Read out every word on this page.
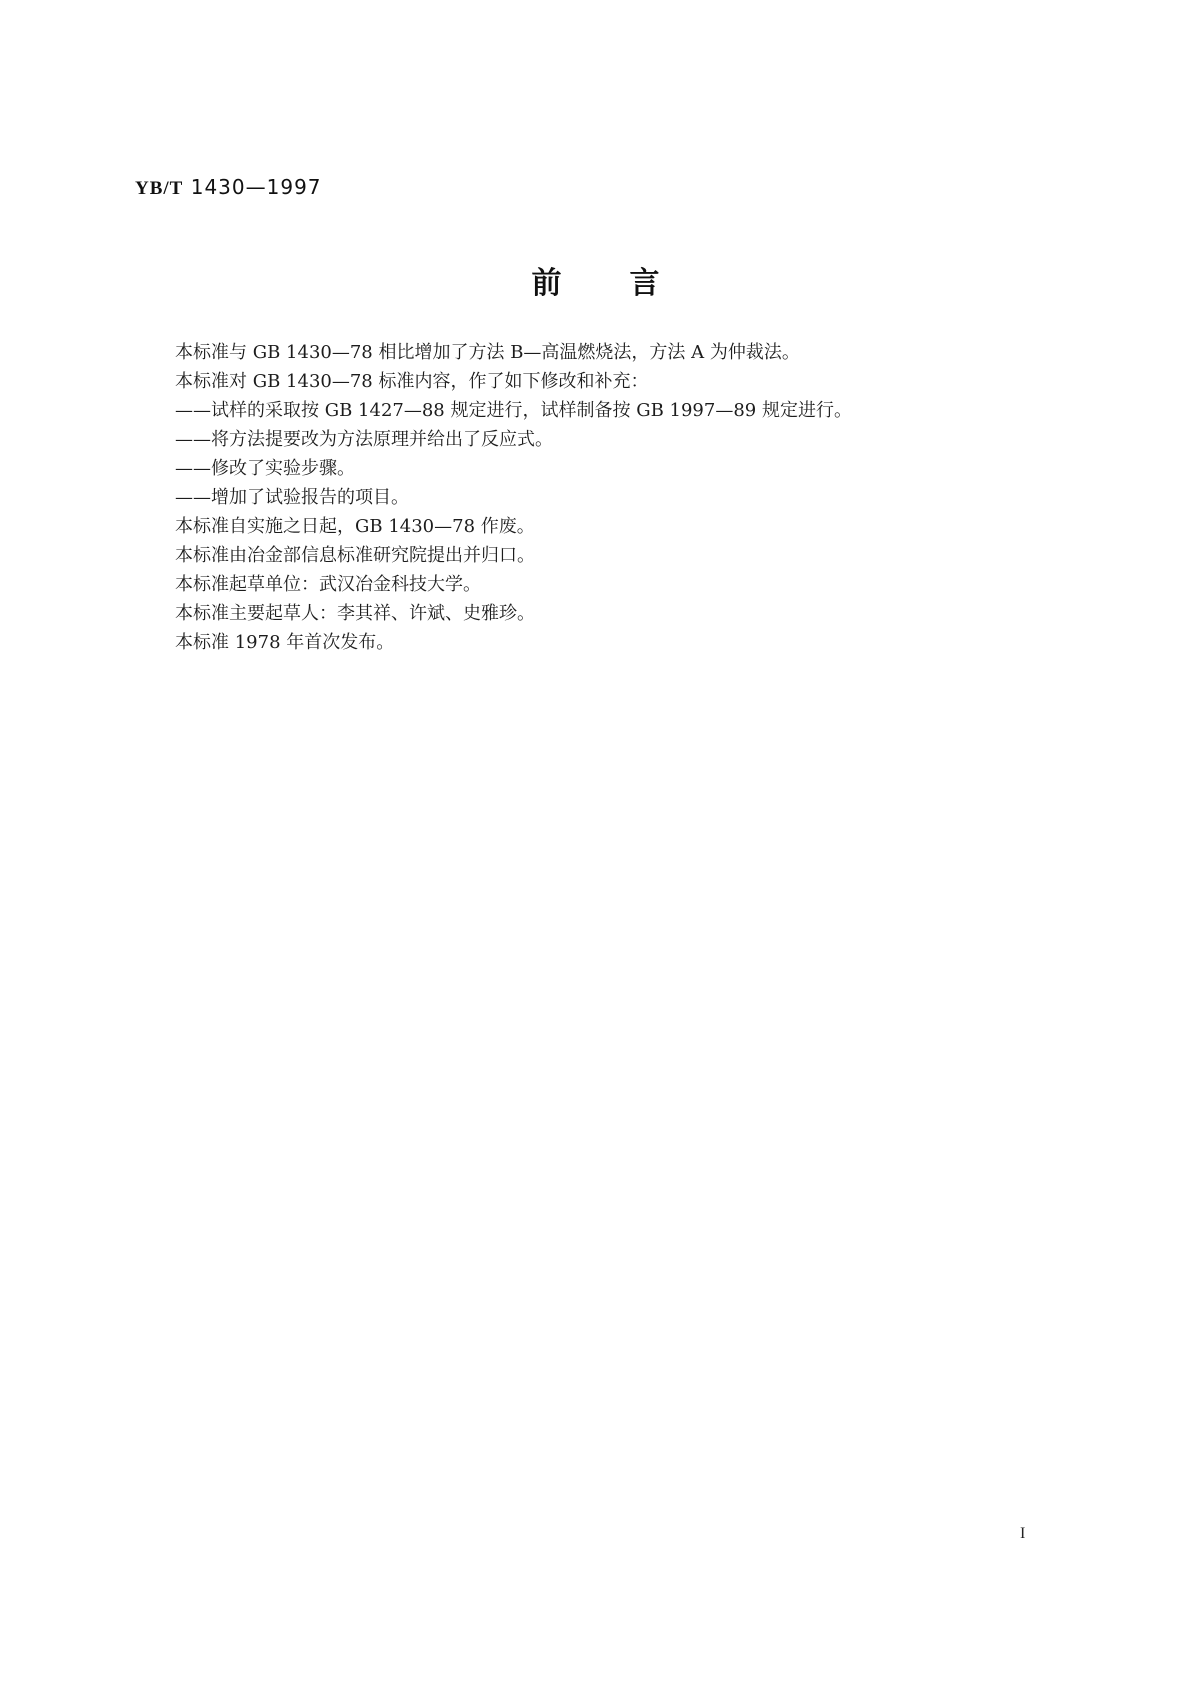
YB/T 1430—1997
前言
本标准与 GB 1430—78 相比增加了方法 B—高温燃烧法，方法 A 为仲裁法。
本标准对 GB 1430—78 标准内容，作了如下修改和补充：
——试样的采取按 GB 1427—88 规定进行，试样制备按 GB 1997—89 规定进行。
——将方法提要改为方法原理并给出了反应式。
——修改了实验步骤。
——增加了试验报告的项目。
本标准自实施之日起，GB 1430—78 作废。
本标准由冶金部信息标准研究院提出并归口。
本标准起草单位：武汉冶金科技大学。
本标准主要起草人：李其祥、许斌、史雅珍。
本标准 1978 年首次发布。
I
